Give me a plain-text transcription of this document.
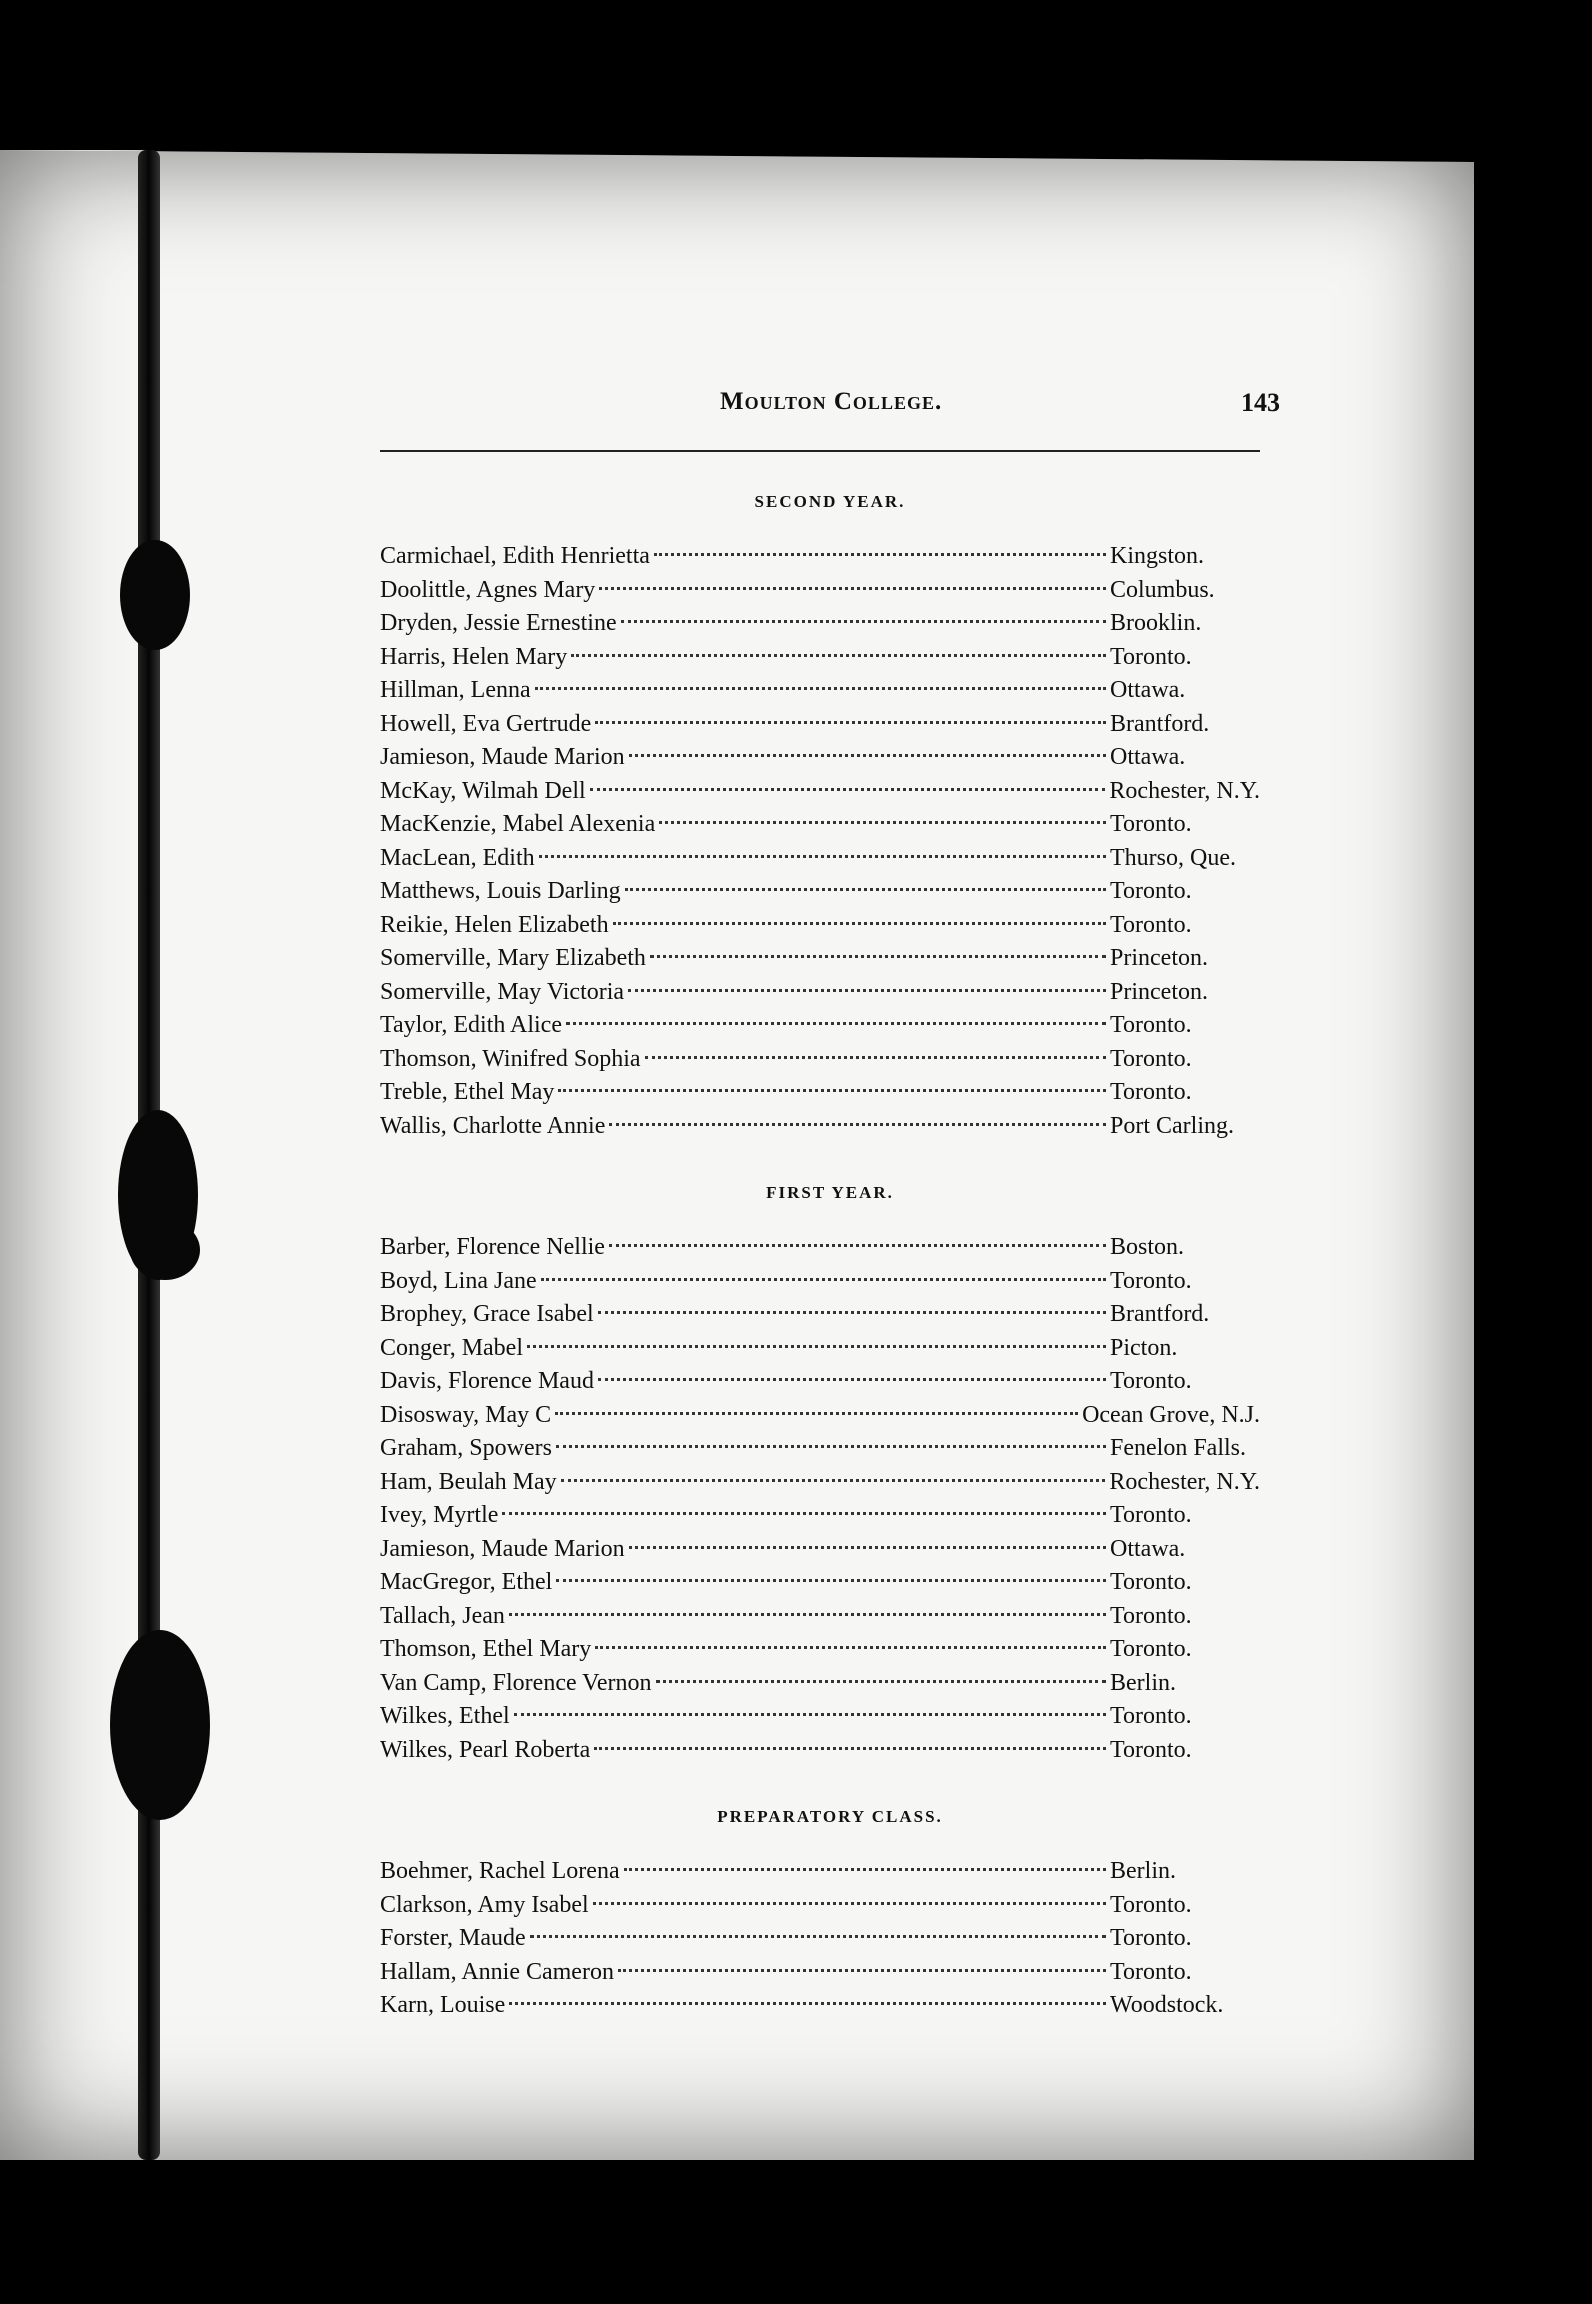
Moulton College.	143
SECOND YEAR.
Carmichael, Edith Henrietta	Kingston.
Doolittle, Agnes Mary	Columbus.
Dryden, Jessie Ernestine	Brooklin.
Harris, Helen Mary	Toronto.
Hillman, Lenna	Ottawa.
Howell, Eva Gertrude	Brantford.
Jamieson, Maude Marion	Ottawa.
McKay, Wilmah Dell	Rochester, N.Y.
MacKenzie, Mabel Alexenia	Toronto.
MacLean, Edith	Thurso, Que.
Matthews, Louis Darling	Toronto.
Reikie, Helen Elizabeth	Toronto.
Somerville, Mary Elizabeth	Princeton.
Somerville, May Victoria	Princeton.
Taylor, Edith Alice	Toronto.
Thomson, Winifred Sophia	Toronto.
Treble, Ethel May	Toronto.
Wallis, Charlotte Annie	Port Carling.
FIRST YEAR.
Barber, Florence Nellie	Boston.
Boyd, Lina Jane	Toronto.
Brophey, Grace Isabel	Brantford.
Conger, Mabel	Picton.
Davis, Florence Maud	Toronto.
Disosway, May C	Ocean Grove, N.J.
Graham, Spowers	Fenelon Falls.
Ham, Beulah May	Rochester, N.Y.
Ivey, Myrtle	Toronto.
Jamieson, Maude Marion	Ottawa.
MacGregor, Ethel	Toronto.
Tallach, Jean	Toronto.
Thomson, Ethel Mary	Toronto.
Van Camp, Florence Vernon	Berlin.
Wilkes, Ethel	Toronto.
Wilkes, Pearl Roberta	Toronto.
PREPARATORY CLASS.
Boehmer, Rachel Lorena	Berlin.
Clarkson, Amy Isabel	Toronto.
Forster, Maude	Toronto.
Hallam, Annie Cameron	Toronto.
Karn, Louise	Woodstock.
